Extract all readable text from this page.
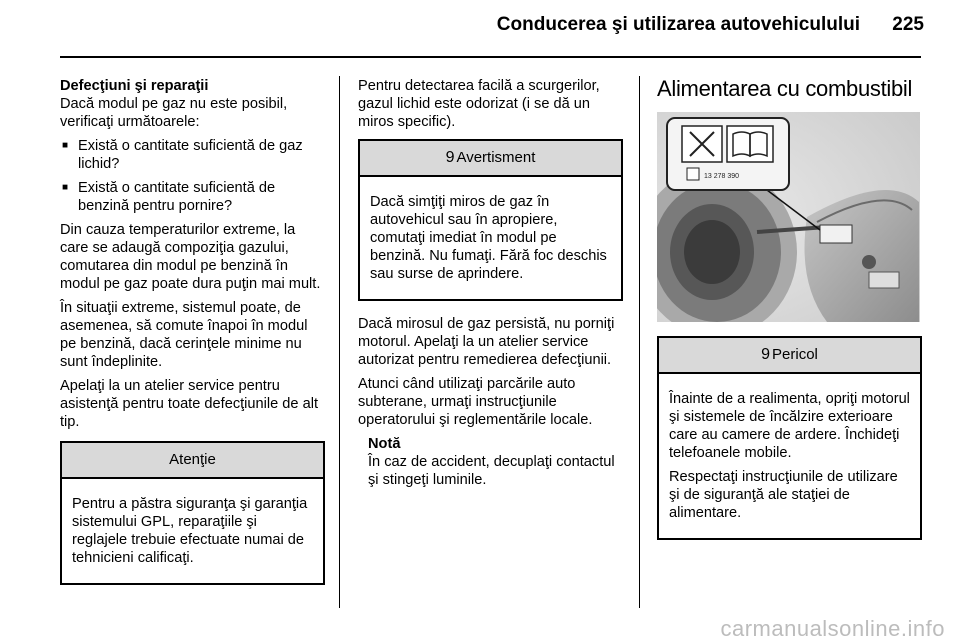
Conducerea şi utilizarea autovehiculului	225
Defecţiuni şi reparaţii

Dacă modul pe gaz nu este posibil, verificaţi următoarele:

■ Există o cantitate suficientă de gaz lichid?
■ Există o cantitate suficientă de benzină pentru pornire?

Din cauza temperaturilor extreme, la care se adaugă compoziţia gazului, comutarea din modul pe benzină în modul pe gaz poate dura puţin mai mult.

În situaţii extreme, sistemul poate, de asemenea, să comute înapoi în modul pe benzină, dacă cerinţele minime nu sunt îndeplinite.

Apelaţi la un atelier service pentru asistenţă pentru toate defecţiunile de alt tip.

Atenţie

Pentru a păstra siguranţa şi garanţia sistemului GPL, reparaţiile şi reglajele trebuie efectuate numai de tehnicieni calificaţi.

Pentru detectarea facilă a scurgerilor, gazul lichid este odorizat (i se dă un miros specific).

9 Avertisment

Dacă simţiţi miros de gaz în autovehicul sau în apropiere, comutaţi imediat în modul pe benzină. Nu fumaţi. Fără foc deschis sau surse de aprindere.

Dacă mirosul de gaz persistă, nu porniţi motorul. Apelaţi la un atelier service autorizat pentru remedierea defecţiunii.

Atunci când utilizaţi parcările auto subterane, urmaţi instrucţiunile operatorului şi reglementările locale.

Notă
În caz de accident, decuplaţi contactul şi stingeţi luminile.
Alimentarea cu combustibil
13 278 390
9 Pericol

Înainte de a realimenta, opriţi motorul şi sistemele de încălzire exterioare care au camere de ardere. Închideţi telefoanele mobile.

Respectaţi instrucţiunile de utilizare şi de siguranţă ale staţiei de alimentare.

carmanualsonline.info
